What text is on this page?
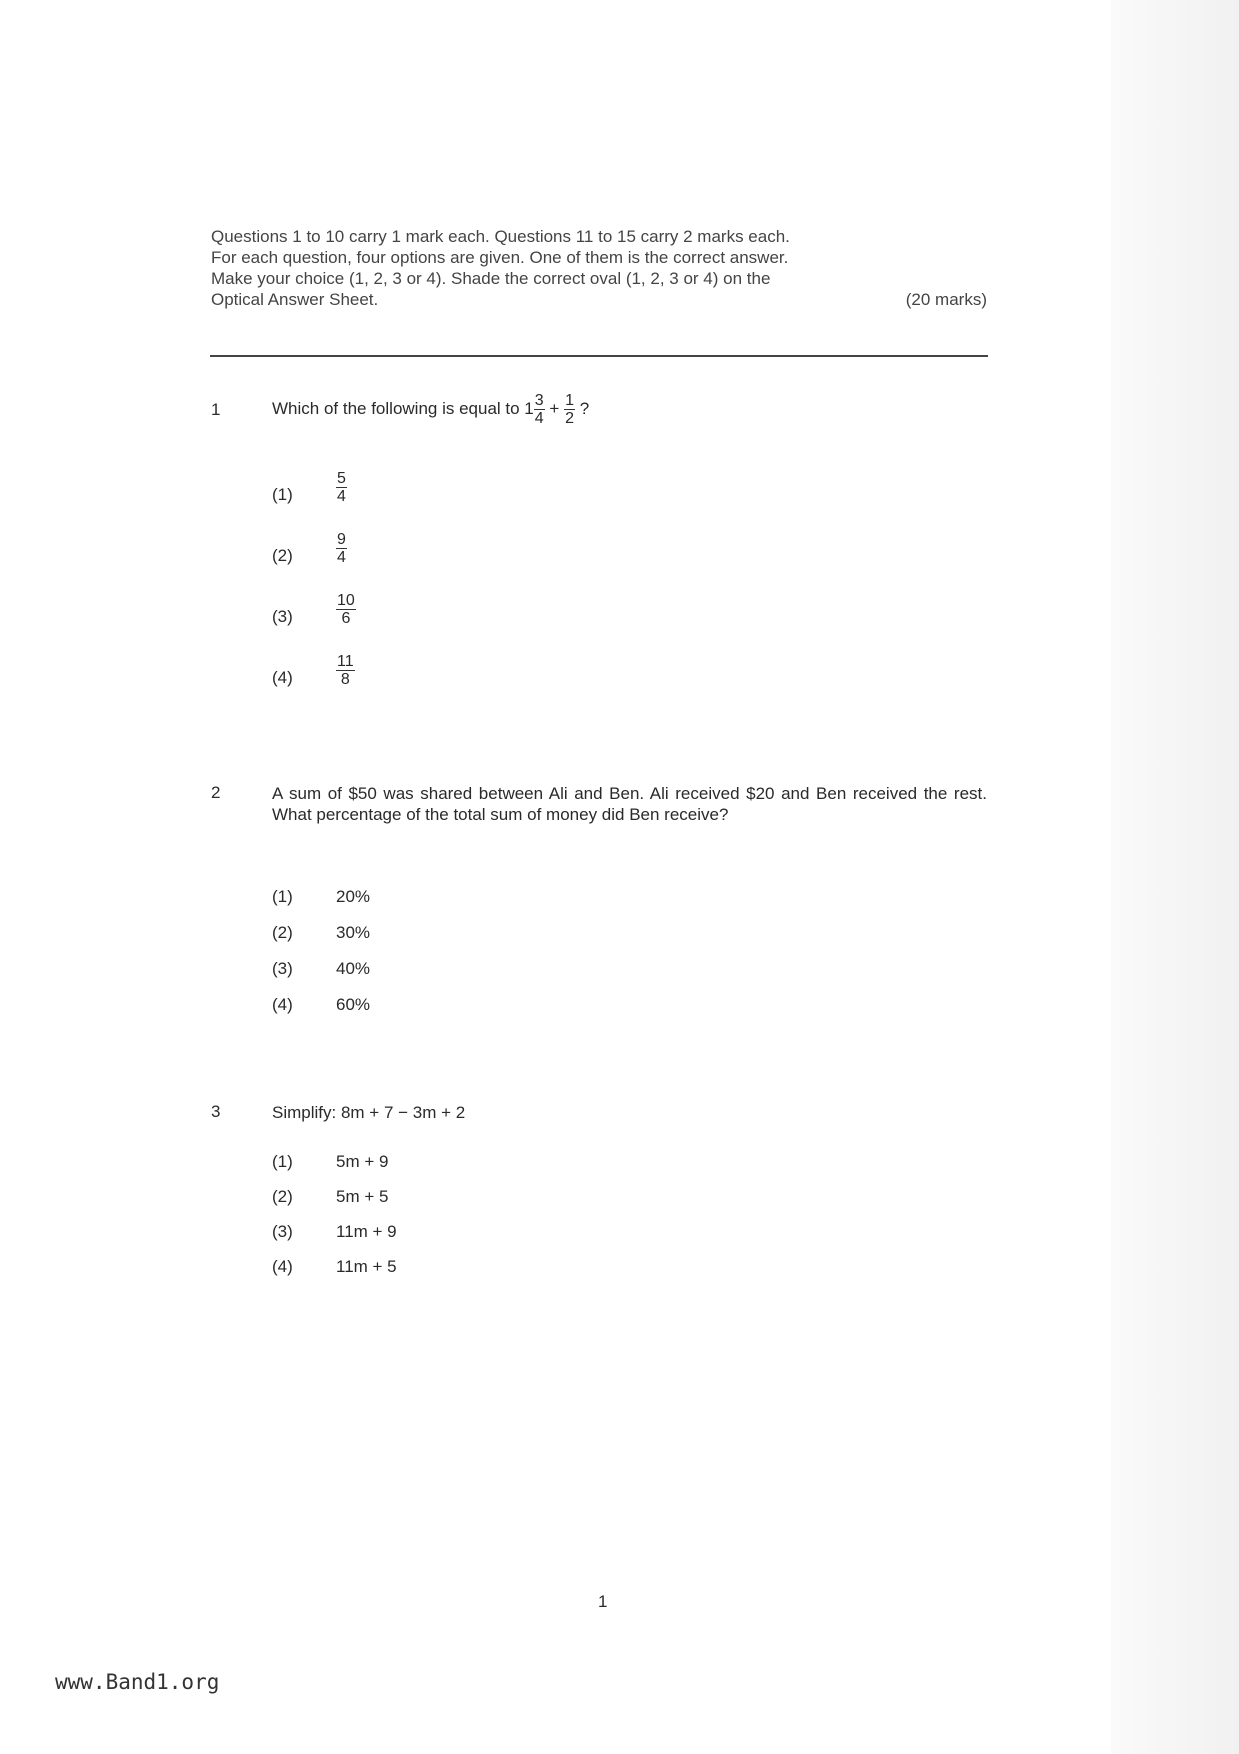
Questions 1 to 10 carry 1 mark each. Questions 11 to 15 carry 2 marks each.
For each question, four options are given. One of them is the correct answer.
Make your choice (1, 2, 3 or 4). Shade the correct oval (1, 2, 3 or 4) on the
Optical Answer Sheet.	(20 marks)
1	Which of the following is equal to $1 \frac{3}{4} + \frac{1}{2}$ ?
(1)	$\frac{5}{4}$
(2)	$\frac{9}{4}$
(3)	$\frac{10}{6}$
(4)	$\frac{11}{8}$
2	A sum of $50 was shared between Ali and Ben. Ali received $20 and Ben received the rest. What percentage of the total sum of money did Ben receive?
(1)	20%
(2)	30%
(3)	40%
(4)	60%
3	Simplify: 8m + 7 − 3m + 2
(1)	5m + 9
(2)	5m + 5
(3)	11m + 9
(4)	11m + 5
1
www.Band1.org
